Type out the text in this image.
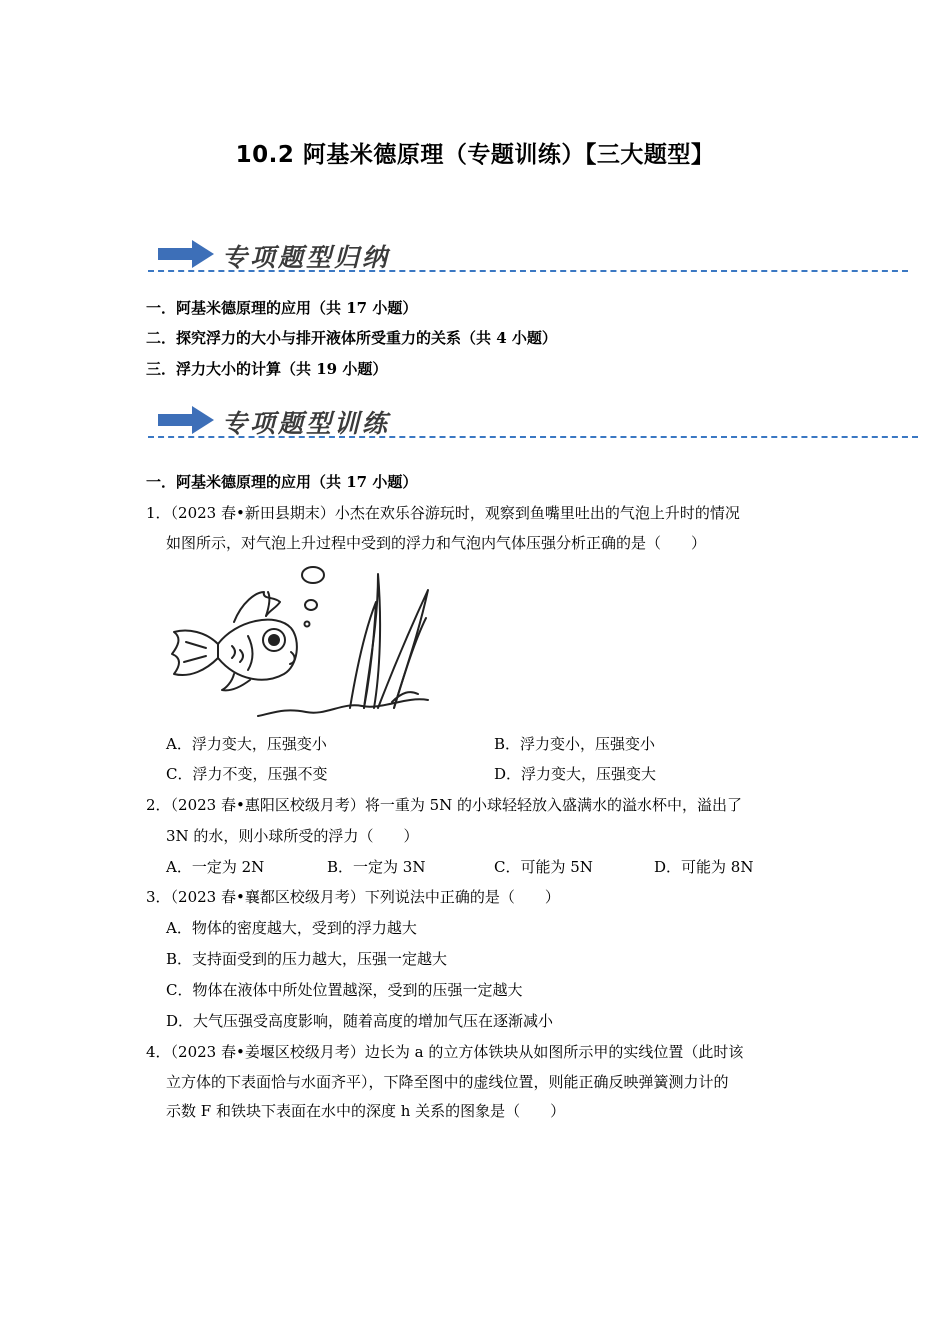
10.2 阿基米德原理（专题训练）【三大题型】
专项题型归纳
一．阿基米德原理的应用（共 17 小题）
二．探究浮力的大小与排开液体所受重力的关系（共 4 小题）
三．浮力大小的计算（共 19 小题）
专项题型训练
一．阿基米德原理的应用（共 17 小题）
1．（2023 春•新田县期末）小杰在欢乐谷游玩时，观察到鱼嘴里吐出的气泡上升时的情况
如图所示，对气泡上升过程中受到的浮力和气泡内气体压强分析正确的是（　　）
A．浮力变大，压强变小	B．浮力变小，压强变小
C．浮力不变，压强不变	D．浮力变大，压强变大
2．（2023 春•惠阳区校级月考）将一重为 5N 的小球轻轻放入盛满水的溢水杯中，溢出了
3N 的水，则小球所受的浮力（　　）
A．一定为 2N	B．一定为 3N	C．可能为 5N	D．可能为 8N
3．（2023 春•襄都区校级月考）下列说法中正确的是（　　）
A．物体的密度越大，受到的浮力越大
B．支持面受到的压力越大，压强一定越大
C．物体在液体中所处位置越深，受到的压强一定越大
D．大气压强受高度影响，随着高度的增加气压在逐渐减小
4．（2023 春•姜堰区校级月考）边长为 a 的立方体铁块从如图所示甲的实线位置（此时该
立方体的下表面恰与水面齐平），下降至图中的虚线位置，则能正确反映弹簧测力计的
示数 F 和铁块下表面在水中的深度 h 关系的图象是（　　）
